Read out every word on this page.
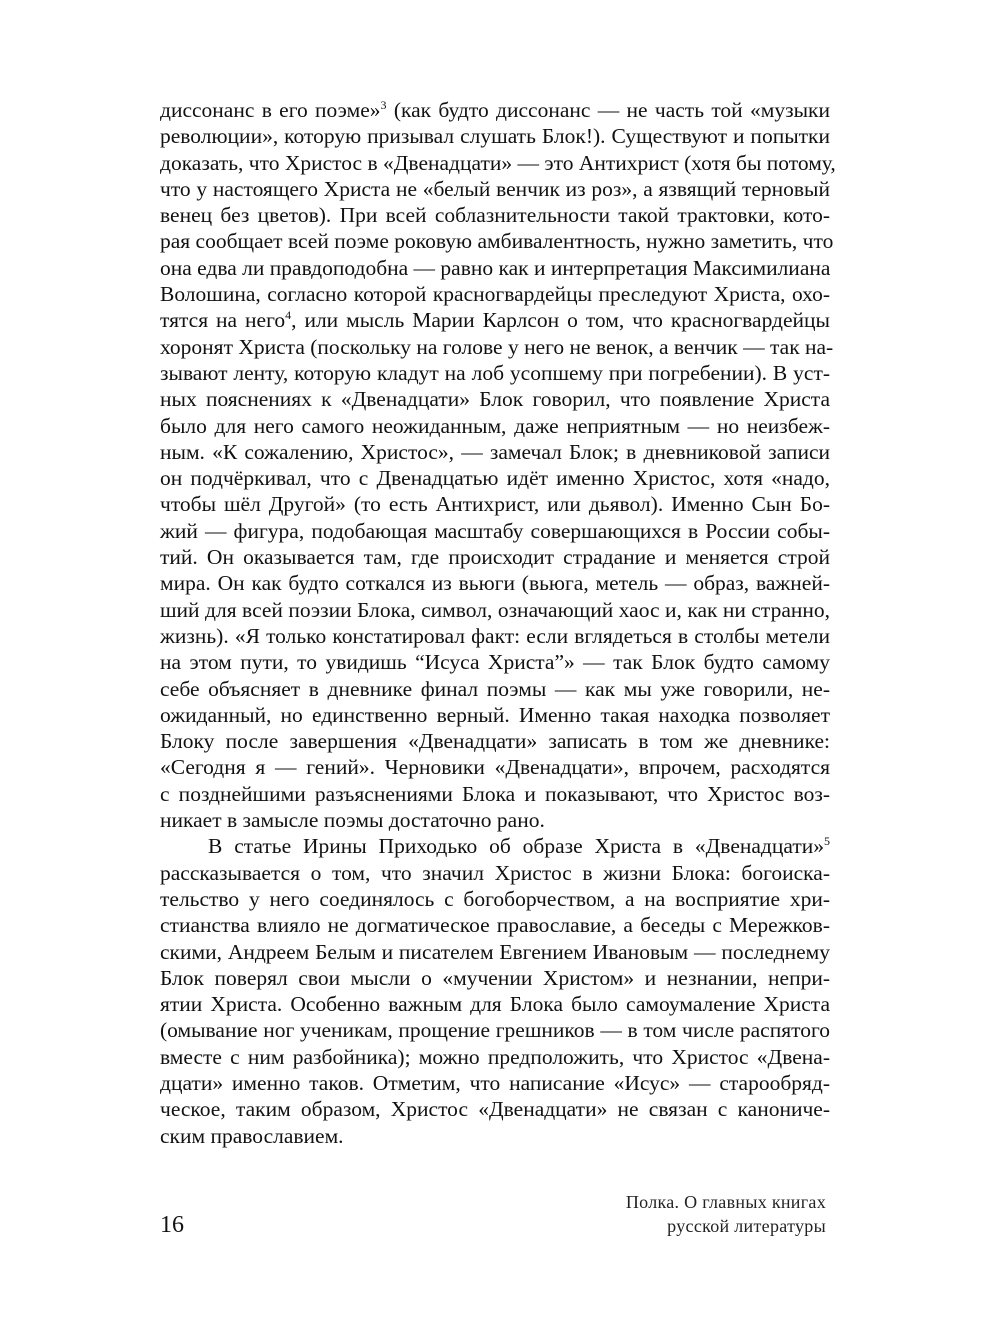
диссонанс в его поэме»$^3$ (как будто диссонанс — не часть той «музыки
революции», которую призывал слушать Блок!). Существуют и попытки
доказать, что Христос в «Двенадцати» — это Антихрист (хотя бы потому,
что у настоящего Христа не «белый венчик из роз», а язвящий терновый
венец без цветов). При всей соблазнительности такой трактовки, кото-
рая сообщает всей поэме роковую амбивалентность, нужно заметить, что
она едва ли правдоподобна — равно как и интерпретация Максимилиана
Волошина, согласно которой красногвардейцы преследуют Христа, охо-
тятся на него$^4$, или мысль Марии Карлсон о том, что красногвардейцы
хоронят Христа (поскольку на голове у него не венок, а венчик — так на-
зывают ленту, которую кладут на лоб усопшему при погребении). В уст-
ных пояснениях к «Двенадцати» Блок говорил, что появление Христа
было для него самого неожиданным, даже неприятным — но неизбеж-
ным. «К сожалению, Христос», — замечал Блок; в дневниковой записи
он подчёркивал, что с Двенадцатью идёт именно Христос, хотя «надо,
чтобы шёл Другой» (то есть Антихрист, или дьявол). Именно Сын Бо-
жий — фигура, подобающая масштабу совершающихся в России собы-
тий. Он оказывается там, где происходит страдание и меняется строй
мира. Он как будто соткался из вьюги (вьюга, метель — образ, важней-
ший для всей поэзии Блока, символ, означающий хаос и, как ни странно,
жизнь). «Я только констатировал факт: если вглядеться в столбы метели
на этом пути, то увидишь “Исуса Христа”» — так Блок будто самому
себе объясняет в дневнике финал поэмы — как мы уже говорили, не-
ожиданный, но единственно верный. Именно такая находка позволяет
Блоку после завершения «Двенадцати» записать в том же дневнике:
«Сегодня я — гений». Черновики «Двенадцати», впрочем, расходятся
с позднейшими разъяснениями Блока и показывают, что Христос воз-
никает в замысле поэмы достаточно рано.
В статье Ирины Приходько об образе Христа в «Двенадцати»$^5$
рассказывается о том, что значил Христос в жизни Блока: богоиска-
тельство у него соединялось с богоборчеством, а на восприятие хри-
стианства влияло не догматическое православие, а беседы с Мережков-
скими, Андреем Белым и писателем Евгением Ивановым — последнему
Блок поверял свои мысли о «мучении Христом» и незнании, непри-
ятии Христа. Особенно важным для Блока было самоумаление Христа
(омывание ног ученикам, прощение грешников — в том числе распятого
вместе с ним разбойника); можно предположить, что Христос «Двена-
дцати» именно таков. Отметим, что написание «Исус» — старообряд-
ческое, таким образом, Христос «Двенадцати» не связан с канониче-
ским православием.
Полка. О главных книгах
русской литературы
16
